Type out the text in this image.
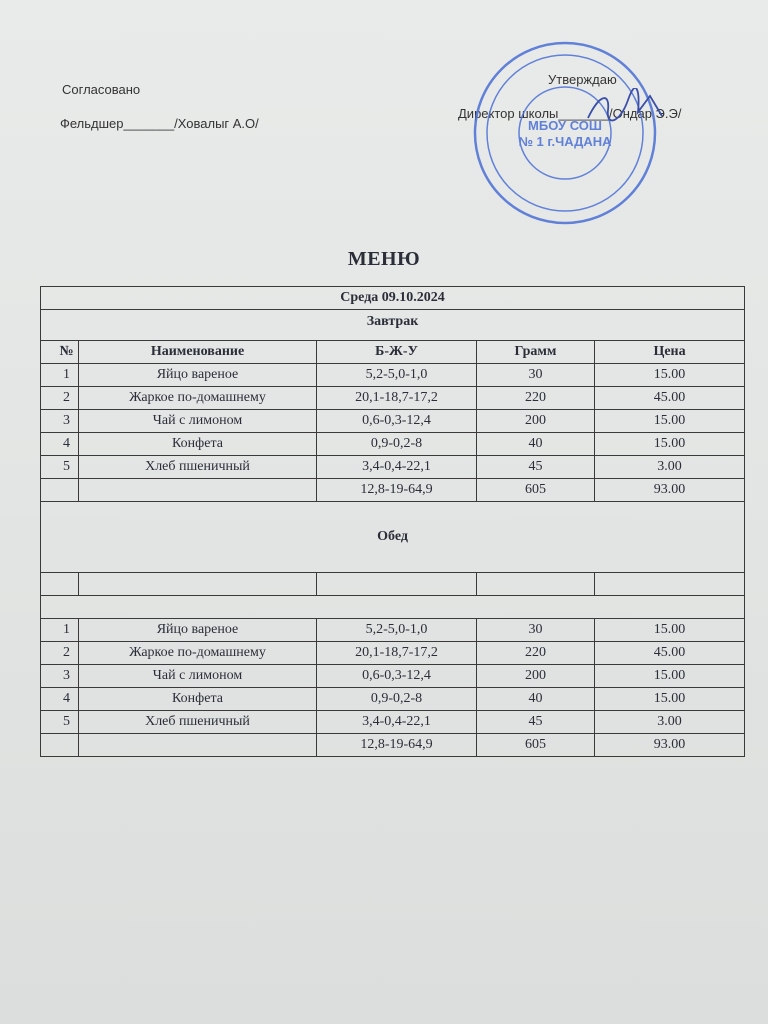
Согласовано
Фельдшер_______/Ховалыг А.О/
Утверждаю
Директор школы_______/Ондар Э.Э/
МБОУ СОШ
№ 1 г.ЧАДАНА
МЕНЮ
Среда 09.10.2024				
Завтрак				
№	Наименование	Б-Ж-У	Грамм	Цена
1	Яйцо вареное	5,2-5,0-1,0	30	15.00
2	Жаркое по-домашнему	20,1-18,7-17,2	220	45.00
3	Чай с лимоном	0,6-0,3-12,4	200	15.00
4	Конфета	0,9-0,2-8	40	15.00
5	Хлеб пшеничный	3,4-0,4-22,1	45	3.00
		12,8-19-64,9	605	93.00
Обед				

1	Яйцо вареное	5,2-5,0-1,0	30	15.00
2	Жаркое по-домашнему	20,1-18,7-17,2	220	45.00
3	Чай с лимоном	0,6-0,3-12,4	200	15.00
4	Конфета	0,9-0,2-8	40	15.00
5	Хлеб пшеничный	3,4-0,4-22,1	45	3.00
		12,8-19-64,9	605	93.00
